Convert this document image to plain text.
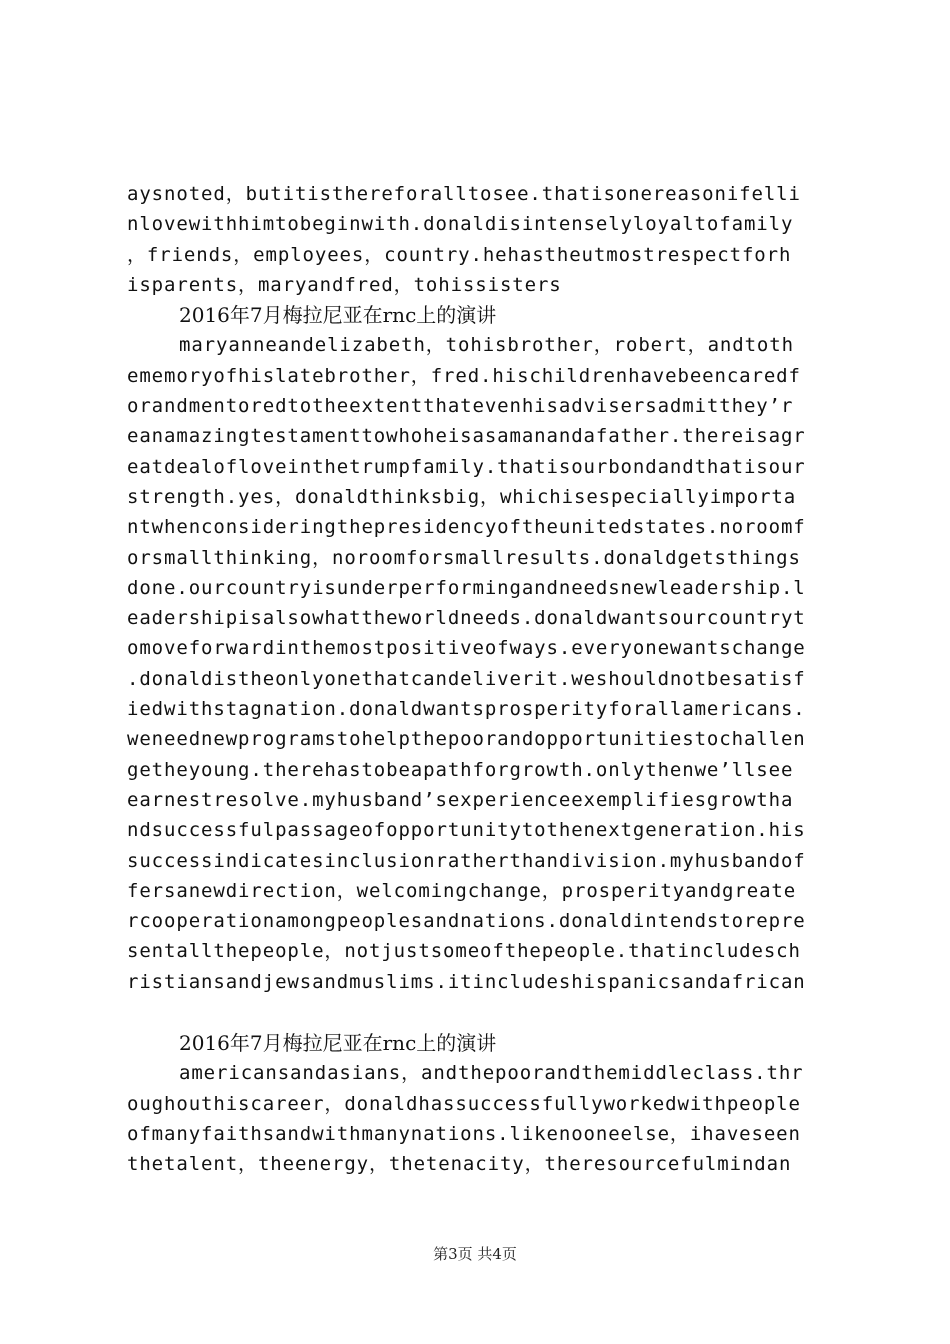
aysnoted，butitisthereforalltosee.thatisonereasonifelli
nlovewithhimtobeginwith.donaldisintenselyloyaltofamily
，friends，employees，country.hehastheutmostrespectforh
isparents，maryandfred，tohissisters
2016年7月梅拉尼亚在rnc上的演讲
maryanneandelizabeth，tohisbrother，robert，andtoth
ememoryofhislatebrother，fred.hischildrenhavebeencaredf
orandmentoredtotheextentthatevenhisadvisersadmitthey’r
eanamazingtestamenttowhoheisasamanandafather.thereisagr
eatdealofloveinthetrumpfamily.thatisourbondandthatisour
strength.yes，donaldthinksbig，whichisespeciallyimporta
ntwhenconsideringthepresidencyoftheunitedstates.noroomf
orsmallthinking，noroomforsmallresults.donaldgetsthings
done.ourcountryisunderperformingandneedsnewleadership.l
eadershipisalsowhattheworldneeds.donaldwantsourcountryt
omoveforwardinthemostpositiveofways.everyonewantschange
.donaldistheonlyonethatcandeliverit.weshouldnotbesatisf
iedwithstagnation.donaldwantsprosperityforallamericans.
weneednewprogramstohelpthepoorandopportunitiestochallen
getheyoung.therehastobeapathforgrowth.onlythenwe’llsee
earnestresolve.myhusband’sexperienceexemplifiesgrowtha
ndsuccessfulpassageofopportunitytothenextgeneration.his
successindicatesinclusionratherthandivision.myhusbandof
fersanewdirection，welcomingchange，prosperityandgreate
rcooperationamongpeoplesandnations.donaldintendstorepre
sentallthepeople，notjustsomeofthepeople.thatincludesch
ristiansandjewsandmuslims.itincludeshispanicsandafrican
2016年7月梅拉尼亚在rnc上的演讲
americansandasians，andthepoorandthemiddleclass.thr
oughouthiscareer，donaldhassuccessfullyworkedwithpeople
ofmanyfaithsandwithmanynations.likenooneelse，ihaveseen
thetalent，theenergy，thetenacity，theresourcefulmindan
第3页 共4页
